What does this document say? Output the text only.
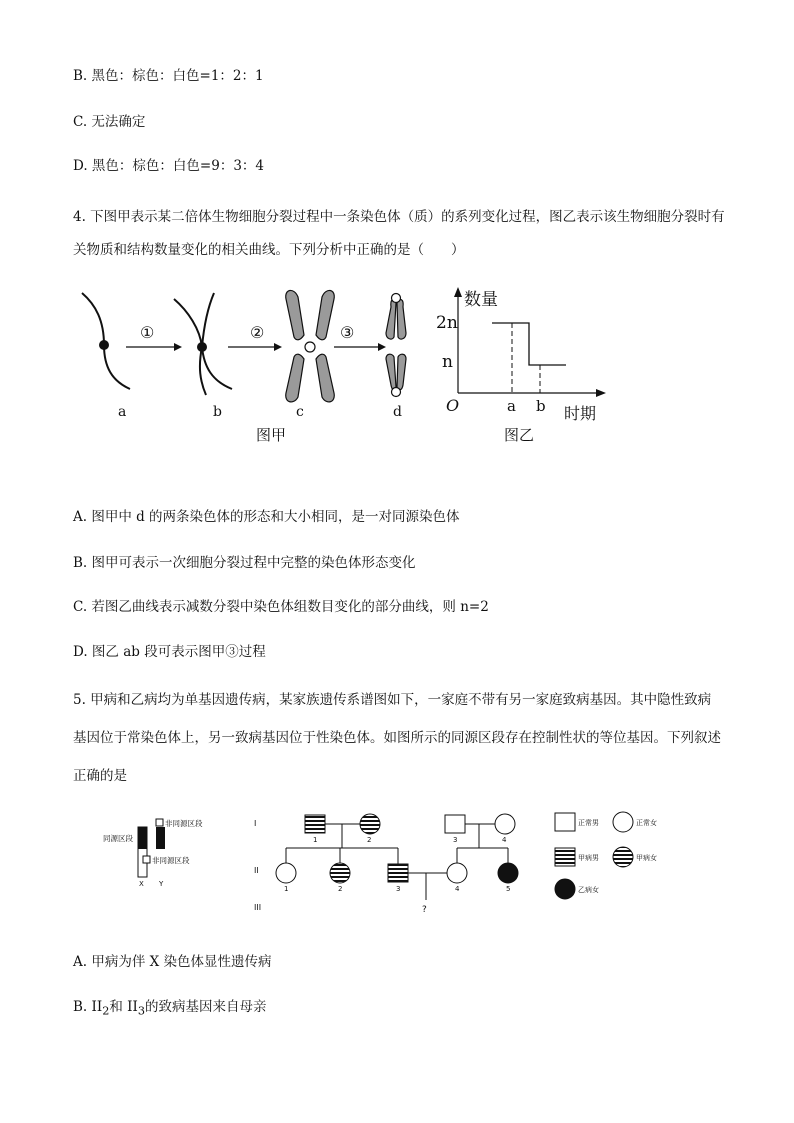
B. 黑色：棕色：白色=1：2：1
C. 无法确定
D. 黑色：棕色：白色=9：3：4
4. 下图甲表示某二倍体生物细胞分裂过程中一条染色体（质）的系列变化过程，图乙表示该生物细胞分裂时有关物质和结构数量变化的相关曲线。下列分析中正确的是（　　）
①	②	③
a	b	c	d
图甲
数量
2n
n
O	a b 时期
图乙
A. 图甲中 d 的两条染色体的形态和大小相同，是一对同源染色体
B. 图甲可表示一次细胞分裂过程中完整的染色体形态变化
C. 若图乙曲线表示减数分裂中染色体组数目变化的部分曲线，则 n=2
D. 图乙 ab 段可表示图甲③过程
5. 甲病和乙病均为单基因遗传病，某家族遗传系谱图如下，一家庭不带有另一家庭致病基因。其中隐性致病基因位于常染色体上，另一致病基因位于性染色体。如图所示的同源区段存在控制性状的等位基因。下列叙述正确的是
非同源区段
同源区段
非同源区段
X Y
I
II
III
1	2	3	4
1	2	3	4	5
?
正常男	正常女
甲病男	甲病女
乙病女
A. 甲病为伴 X 染色体显性遗传病
B. $II_2$和 $II_3$的致病基因来自母亲
